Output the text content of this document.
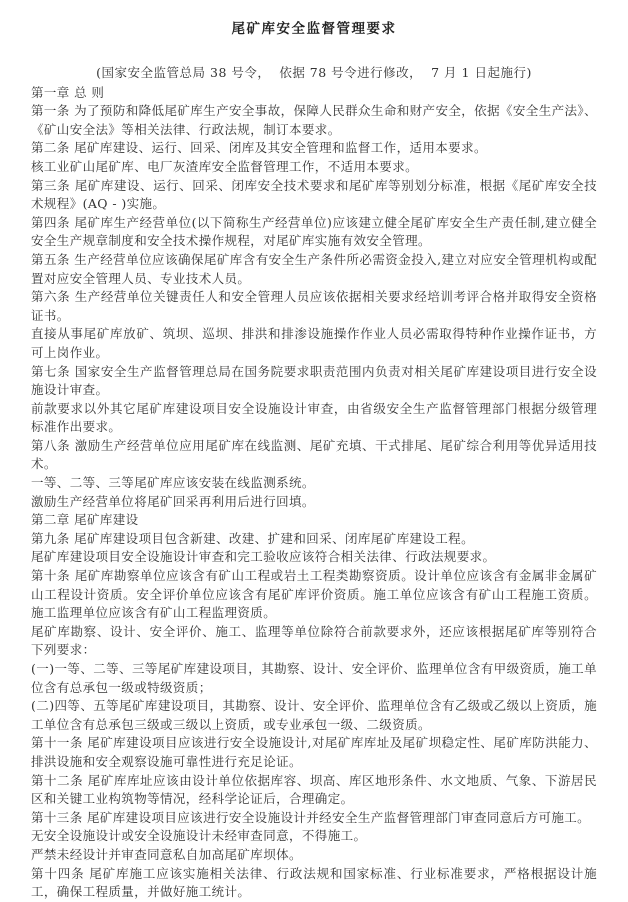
尾矿库安全监督管理要求

(国家安全监管总局 38 号令，  依据 78 号令进行修改，  7 月 1 日起施行)

第一章 总 则

第一条 为了预防和降低尾矿库生产安全事故，保障人民群众生命和财产安全，依据《安全生产法》、《矿山安全法》等相关法律、行政法规，制订本要求。

第二条 尾矿库建设、运行、回采、闭库及其安全管理和监督工作，适用本要求。

核工业矿山尾矿库、电厂灰渣库安全监督管理工作，不适用本要求。

第三条 尾矿库建设、运行、回采、闭库安全技术要求和尾矿库等别划分标准，根据《尾矿库安全技术规程》(AQ - )实施。

第四条 尾矿库生产经营单位(以下简称生产经营单位)应该建立健全尾矿库安全生产责任制,建立健全安全生产规章制度和安全技术操作规程，对尾矿库实施有效安全管理。

第五条 生产经营单位应该确保尾矿库含有安全生产条件所必需资金投入,建立对应安全管理机构或配置对应安全管理人员、专业技术人员。

第六条 生产经营单位关键责任人和安全管理人员应该依据相关要求经培训考评合格并取得安全资格证书。

直接从事尾矿库放矿、筑坝、巡坝、排洪和排渗设施操作作业人员必需取得特种作业操作证书，方可上岗作业。

第七条 国家安全生产监督管理总局在国务院要求职责范围内负责对相关尾矿库建设项目进行安全设施设计审查。

前款要求以外其它尾矿库建设项目安全设施设计审查，由省级安全生产监督管理部门根据分级管理标准作出要求。

第八条 激励生产经营单位应用尾矿库在线监测、尾矿充填、干式排尾、尾矿综合利用等优异适用技术。

一等、二等、三等尾矿库应该安装在线监测系统。

激励生产经营单位将尾矿回采再利用后进行回填。

第二章 尾矿库建设

第九条 尾矿库建设项目包含新建、改建、扩建和回采、闭库尾矿库建设工程。

尾矿库建设项目安全设施设计审查和完工验收应该符合相关法律、行政法规要求。

第十条 尾矿库勘察单位应该含有矿山工程或岩土工程类勘察资质。设计单位应该含有金属非金属矿山工程设计资质。安全评价单位应该含有尾矿库评价资质。施工单位应该含有矿山工程施工资质。施工监理单位应该含有矿山工程监理资质。

尾矿库勘察、设计、安全评价、施工、监理等单位除符合前款要求外，还应该根据尾矿库等别符合下列要求：

(一)一等、二等、三等尾矿库建设项目，其勘察、设计、安全评价、监理单位含有甲级资质，施工单位含有总承包一级或特级资质；

(二)四等、五等尾矿库建设项目，其勘察、设计、安全评价、监理单位含有乙级或乙级以上资质，施工单位含有总承包三级或三级以上资质，或专业承包一级、二级资质。

第十一条 尾矿库建设项目应该进行安全设施设计,对尾矿库库址及尾矿坝稳定性、尾矿库防洪能力、排洪设施和安全观察设施可靠性进行充足论证。

第十二条 尾矿库库址应该由设计单位依据库容、坝高、库区地形条件、水文地质、气象、下游居民区和关键工业构筑物等情况，经科学论证后，合理确定。

第十三条 尾矿库建设项目应该进行安全设施设计并经安全生产监督管理部门审查同意后方可施工。

无安全设施设计或安全设施设计未经审查同意，不得施工。

严禁未经设计并审查同意私自加高尾矿库坝体。

第十四条 尾矿库施工应该实施相关法律、行政法规和国家标准、行业标准要求，严格根据设计施工，确保工程质量，并做好施工统计。
